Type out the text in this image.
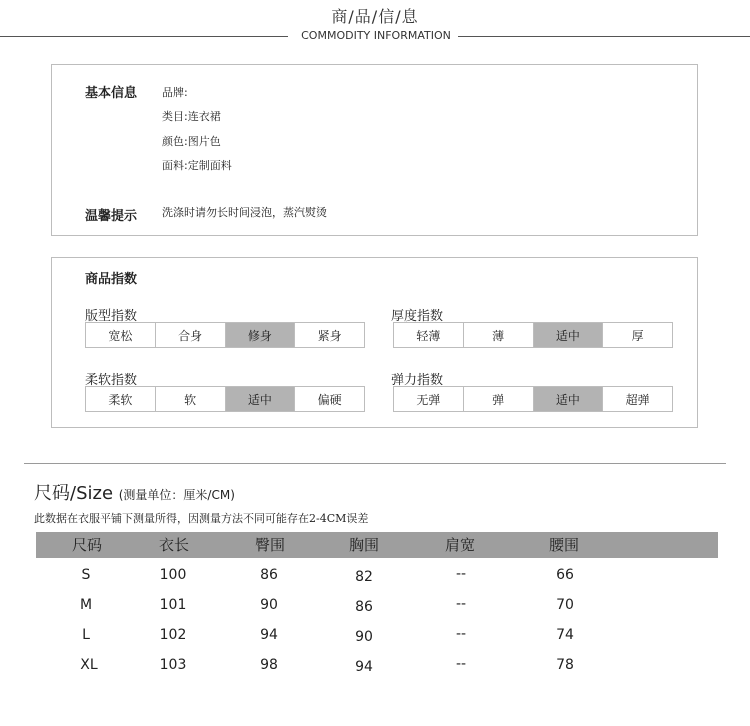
商/品/信/息
COMMODITY INFORMATION
基本信息 品牌:
类目:连衣裙
颜色:图片色
面料:定制面料
温馨提示 洗涤时请勿长时间浸泡，蒸汽熨烫
商品指数
版型指数
宽松	合身	修身	紧身
厚度指数
轻薄	薄	适中	厚
柔软指数
柔软	软	适中	偏硬
弹力指数
无弹	弹	适中	超弹
尺码/Size (测量单位：厘米/CM)
此数据在衣服平铺下测量所得，因测量方法不同可能存在2-4CM误差
尺码	衣长	臀围	胸围	肩宽	腰围
S	100	86	82	--	66
M	101	90	86	--	70
L	102	94	90	--	74
XL	103	98	94	--	78
